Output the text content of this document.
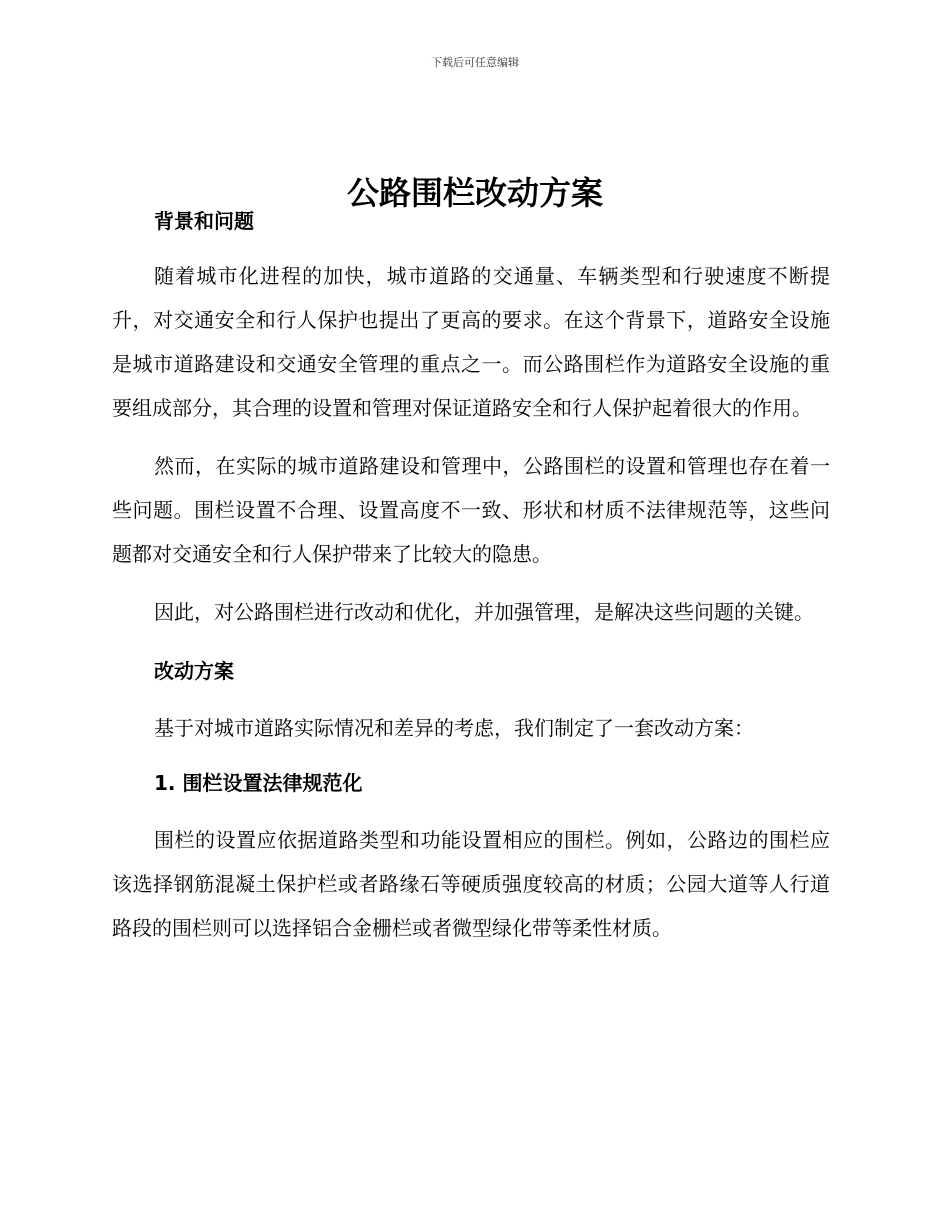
下载后可任意编辑
公路围栏改动方案
背景和问题

随着城市化进程的加快，城市道路的交通量、车辆类型和行驶速度不断提升，对交通安全和行人保护也提出了更高的要求。在这个背景下，道路安全设施是城市道路建设和交通安全管理的重点之一。而公路围栏作为道路安全设施的重要组成部分，其合理的设置和管理对保证道路安全和行人保护起着很大的作用。

然而，在实际的城市道路建设和管理中，公路围栏的设置和管理也存在着一些问题。围栏设置不合理、设置高度不一致、形状和材质不法律规范等，这些问题都对交通安全和行人保护带来了比较大的隐患。

因此，对公路围栏进行改动和优化，并加强管理，是解决这些问题的关键。

改动方案

基于对城市道路实际情况和差异的考虑，我们制定了一套改动方案：

1. 围栏设置法律规范化

围栏的设置应依据道路类型和功能设置相应的围栏。例如，公路边的围栏应该选择钢筋混凝土保护栏或者路缘石等硬质强度较高的材质；公园大道等人行道路段的围栏则可以选择铝合金栅栏或者微型绿化带等柔性材质。
